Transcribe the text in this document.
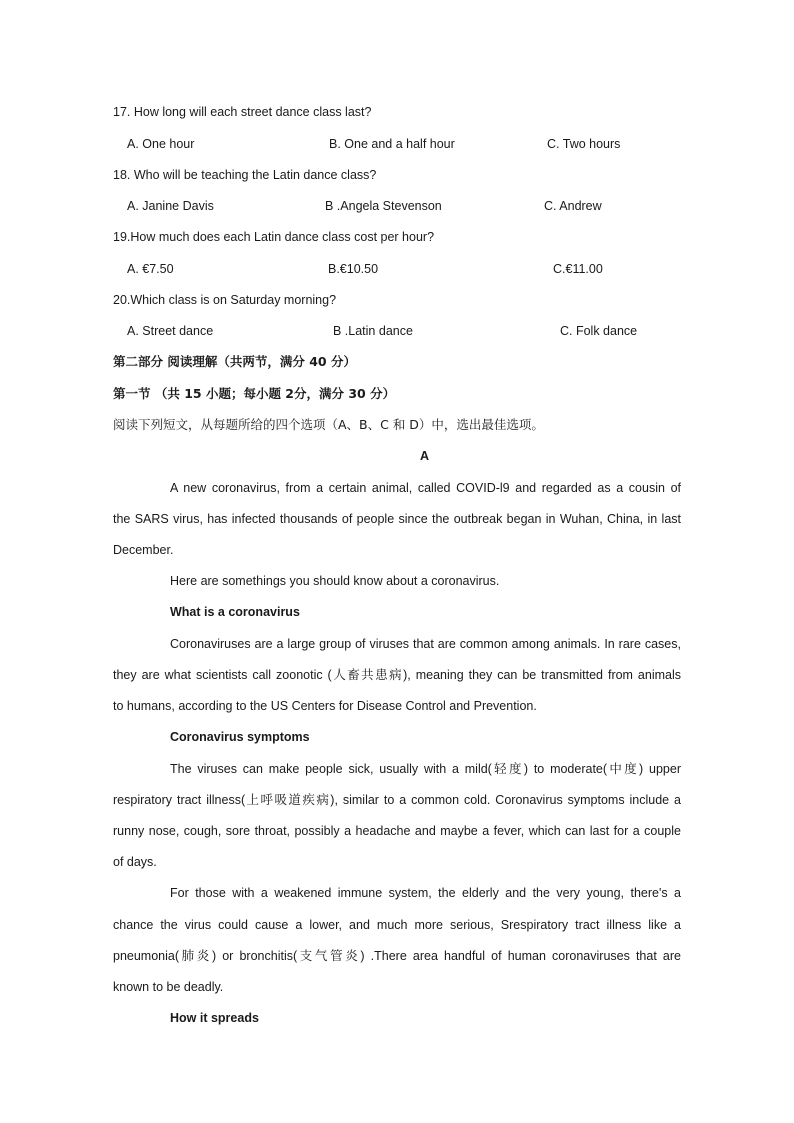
17. How long will each street dance class last?
A. One hour	B. One and a half hour	C. Two hours
18. Who will be teaching the Latin dance class?
A. Janine Davis	B .Angela Stevenson	C. Andrew
19.How much does each Latin dance class cost per hour?
A. €7.50	B.€10.50	C.€11.00
20.Which class is on Saturday morning?
A. Street dance	B .Latin dance	C. Folk dance
第二部分 阅读理解（共两节，满分 40 分）
第一节 （共 15 小题；每小题 2分，满分 30 分）
阅读下列短文，从每题所给的四个选项（A、B、C 和 D）中，选出最佳选项。
A
A new coronavirus, from a certain animal, called COVID-l9 and regarded as a cousin of
the SARS virus, has infected thousands of people since the outbreak began in Wuhan, China, in last
December.
Here are somethings you should know about a coronavirus.
What is a coronavirus
Coronaviruses are a large group of viruses that are common among animals. In rare cases,
they are what scientists call zoonotic (人畜共患病), meaning they can be transmitted from animals
to humans, according to the US Centers for Disease Control and Prevention.
Coronavirus symptoms
The viruses can make people sick, usually with a mild(轻度) to moderate(中度) upper
respiratory tract illness(上呼吸道疾病), similar to a common cold. Coronavirus symptoms include a
runny nose, cough, sore throat, possibly a headache and maybe a fever, which can last for a couple
of days.
For those with a weakened immune system, the elderly and the very young, there's a
chance the virus could cause a lower, and much more serious, Srespiratory tract illness like a
pneumonia(肺炎) or bronchitis(支气管炎) .There area handful of human coronaviruses that are
known to be deadly.
How it spreads
